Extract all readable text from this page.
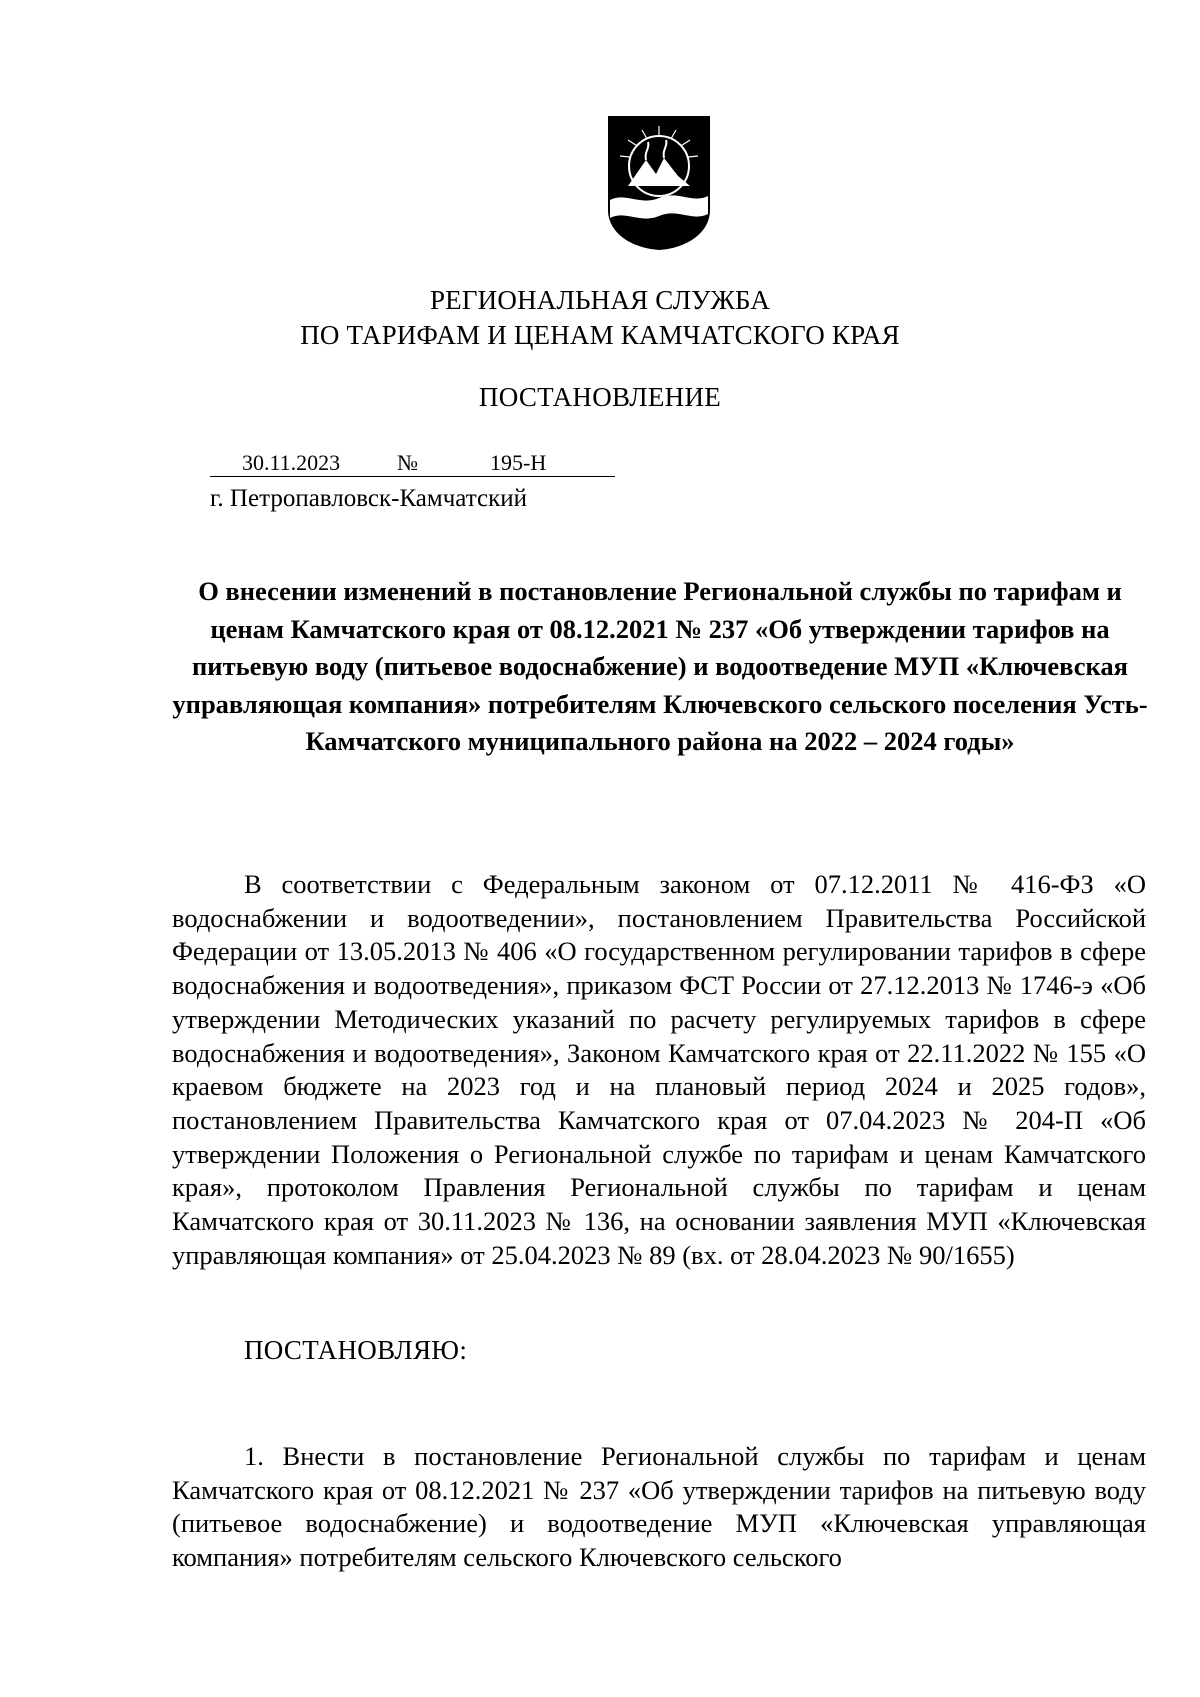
РЕГИОНАЛЬНАЯ СЛУЖБА
ПО ТАРИФАМ И ЦЕНАМ КАМЧАТСКОГО КРАЯ
ПОСТАНОВЛЕНИЕ
30.11.2023	№	195-Н
г. Петропавловск-Камчатский
О внесении изменений в постановление Региональной службы по тарифам и ценам Камчатского края от 08.12.2021 № 237 «Об утверждении тарифов на питьевую воду (питьевое водоснабжение) и водоотведение МУП «Ключевская управляющая компания» потребителям Ключевского сельского поселения Усть-Камчатского муниципального района на 2022 – 2024 годы»
В соответствии с Федеральным законом от 07.12.2011 № 416-ФЗ «О водоснабжении и водоотведении», постановлением Правительства Российской Федерации от 13.05.2013 № 406 «О государственном регулировании тарифов в сфере водоснабжения и водоотведения», приказом ФСТ России от 27.12.2013 № 1746-э «Об утверждении Методических указаний по расчету регулируемых тарифов в сфере водоснабжения и водоотведения», Законом Камчатского края от 22.11.2022 № 155 «О краевом бюджете на 2023 год и на плановый период 2024 и 2025 годов», постановлением Правительства Камчатского края от 07.04.2023 № 204-П «Об утверждении Положения о Региональной службе по тарифам и ценам Камчатского края», протоколом Правления Региональной службы по тарифам и ценам Камчатского края от 30.11.2023 № 136, на основании заявления МУП «Ключевская управляющая компания» от 25.04.2023 № 89 (вх. от 28.04.2023 № 90/1655)
ПОСТАНОВЛЯЮ:
1. Внести в постановление Региональной службы по тарифам и ценам Камчатского края от 08.12.2021 № 237 «Об утверждении тарифов на питьевую воду (питьевое водоснабжение) и водоотведение МУП «Ключевская управляющая компания» потребителям сельского Ключевского сельского
